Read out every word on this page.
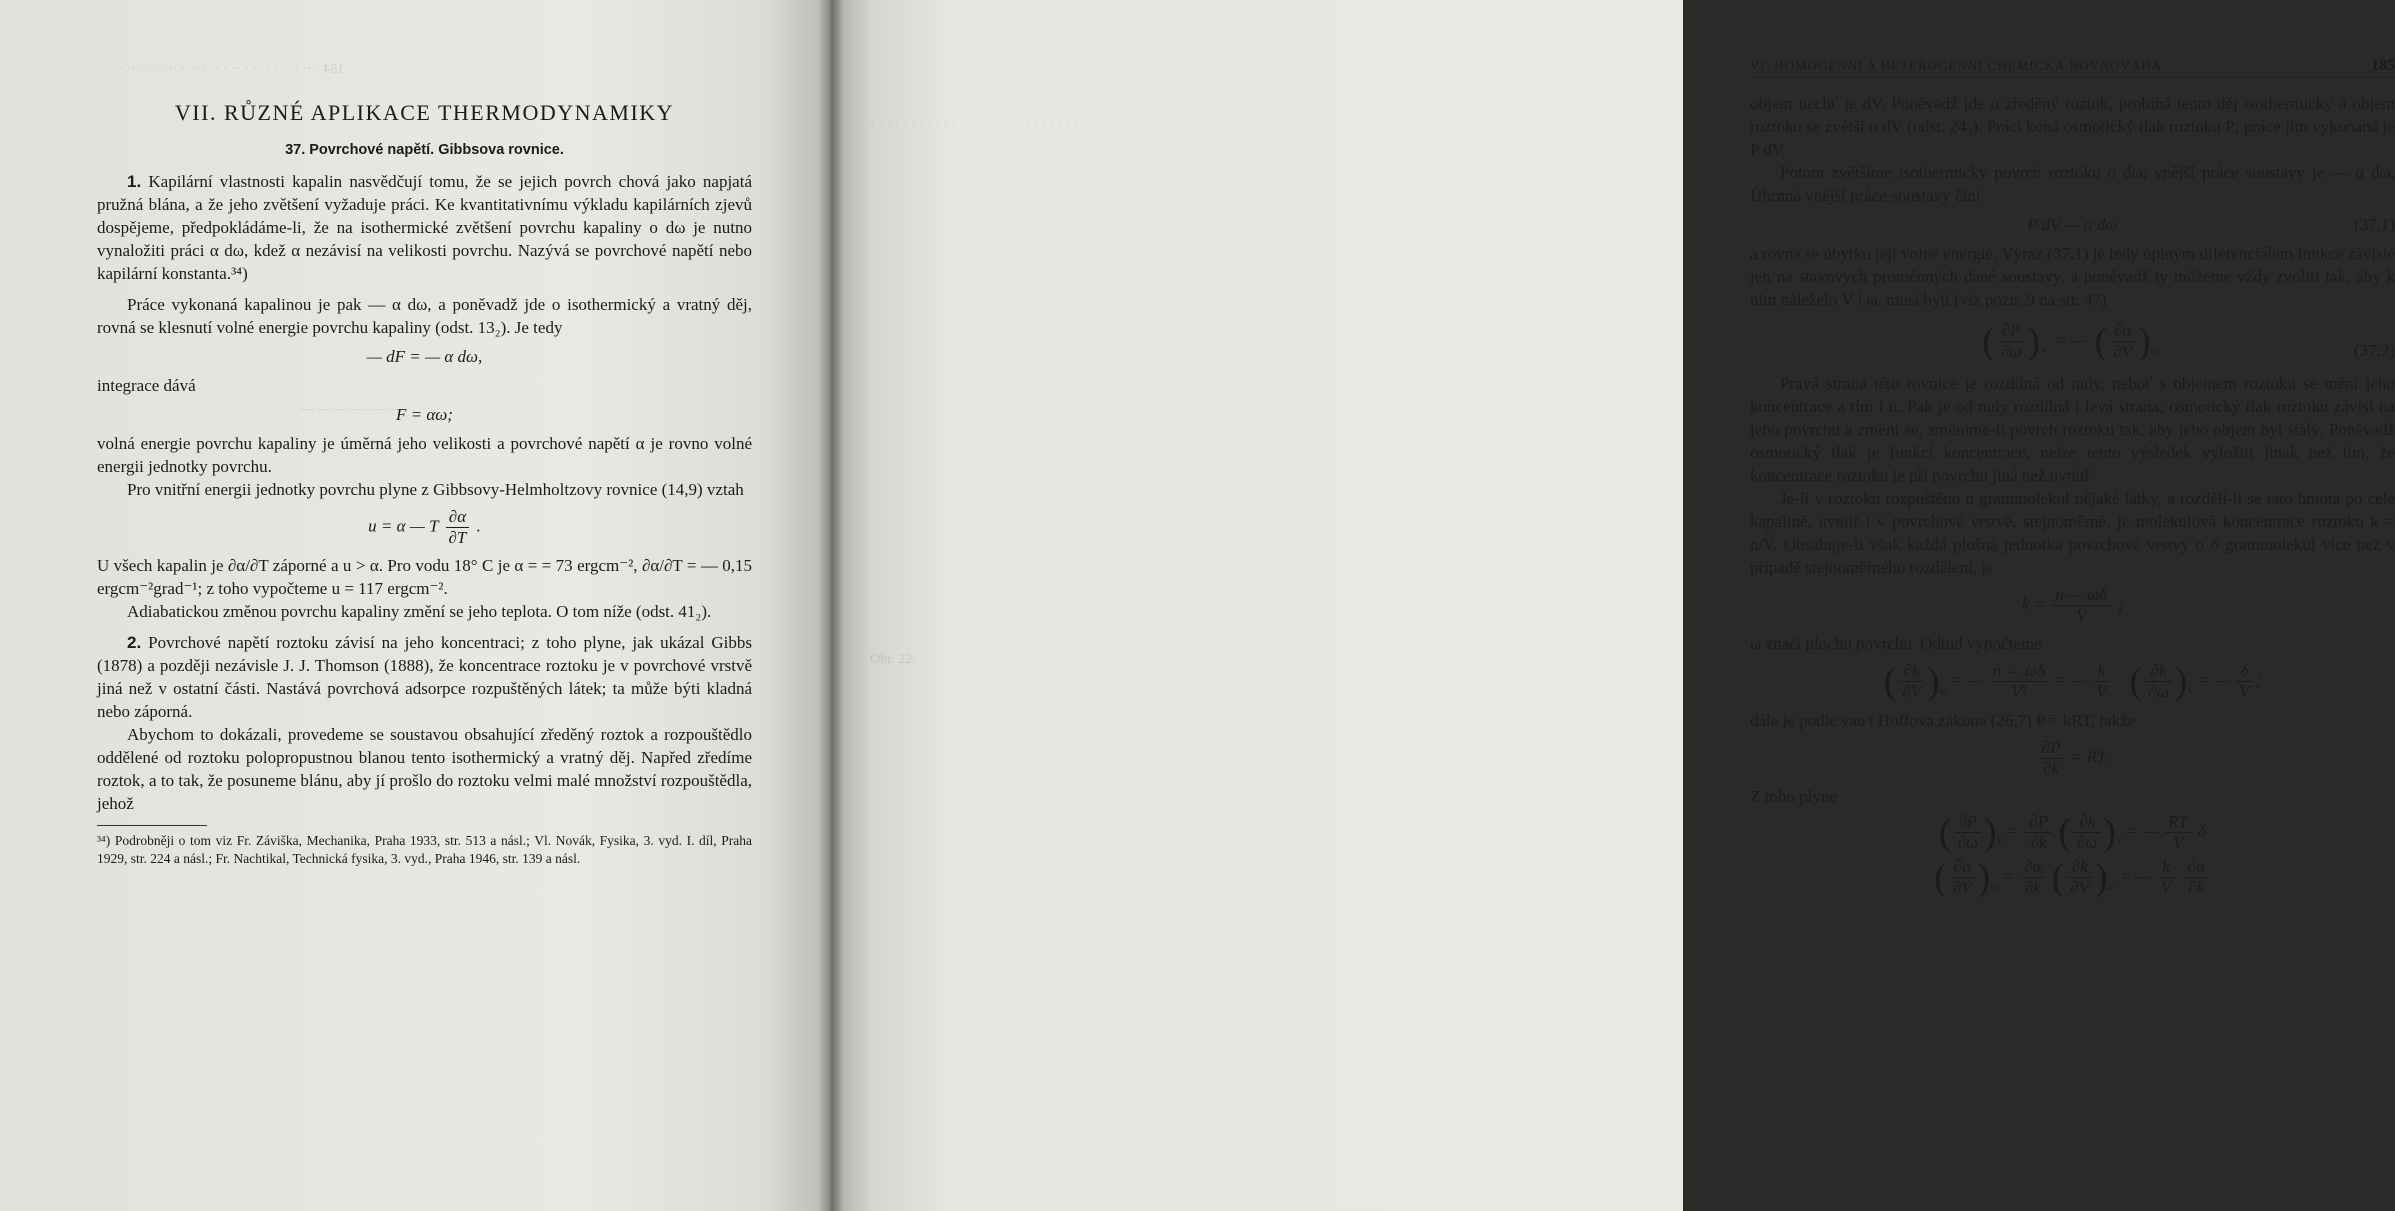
184 · ·· · ·· · · ·· · ·· · ·· · ·· · ·· · ·· · ·· · ·
— — — — — —
VII. RŮZNÉ APLIKACE THERMODYNAMIKY
37. Povrchové napětí. Gibbsova rovnice.

1. Kapilární vlastnosti kapalin nasvědčují tomu, že se jejich povrch chová jako napjatá pružná blána, a že jeho zvětšení vyžaduje práci. Ke kvantitativnímu výkladu kapilárních zjevů dospějeme, předpokládáme-li, že na isothermické zvětšení povrchu kapaliny o dω je nutno vynaložiti práci α dω, kdež α nezávisí na velikosti povrchu. Nazývá se povrchové napětí nebo kapilární konstanta.³⁴)

Práce vykonaná kapalinou je pak — α dω, a poněvadž jde o isothermický a vratný děj, rovná se klesnutí volné energie povrchu kapaliny (odst. 13₂). Je tedy

— dF = — α dω,

integrace dává

F = αω;

volná energie povrchu kapaliny je úměrná jeho velikosti a povrchové napětí α je rovno volné energii jednotky povrchu.

Pro vnitřní energii jednotky povrchu plyne z Gibbsovy-Helmholtzovy rovnice (14,9) vztah

u = α — T $\frac{\partial\alpha}{\partial T}$ .

U všech kapalin je ∂α/∂T záporné a u > α. Pro vodu 18° C je α = = 73 ergcm⁻², ∂α/∂T = — 0,15 ergcm⁻²grad⁻¹; z toho vypočteme u = 117 ergcm⁻².

Adiabatickou změnou povrchu kapaliny změní se jeho teplota. O tom níže (odst. 41₂).

2. Povrchové napětí roztoku závisí na jeho koncentraci; z toho plyne, jak ukázal Gibbs (1878) a později nezávisle J. J. Thomson (1888), že koncentrace roztoku je v povrchové vrstvě jiná než v ostatní části. Nastává povrchová adsorpce rozpuštěných látek; ta může býti kladná nebo záporná.

Abychom to dokázali, provedeme se soustavou obsahující zředěný roztok a rozpouštědlo oddělené od roztoku polopropustnou blanou tento isothermický a vratný děj. Napřed zředíme roztok, a to tak, že posuneme blánu, aby jí prošlo do roztoku velmi malé množství rozpouštědla, jehož

³⁴) Podrobněji o tom viz Fr. Záviška, Mechanika, Praha 1933, str. 513 a násl.; Vl. Novák, Fysika, 3. vyd. I. díl, Praha 1929, str. 224 a násl.; Fr. Nachtikal, Technická fysika, 3. vyd., Praha 1946, str. 139 a násl.

· · · · · · · · · · · · · · · · · · · · · · · · · ·
Obr. 22.
VI. HOMOGENNÍ A HETEROGENNÍ CHEMICKÁ ROVNOVÁHA	185

objem nechť je dV. Poněvadž jde o zředěný roztok, probíhá tento děj isothermicky a objem roztoku se zvětší o dV (odst. 24₃). Práci koná osmotický tlak roztoku P; práce jím vykonaná je P dV.

Potom zvětšíme isothermicky povrch roztoku o dω; vnější práce soustavy je — α dω. Úhrnná vnější práce soustavy činí

P dV — α dω	(37,1)

a rovná se úbytku její volné energie. Výraz (37,1) je tedy úplným diferenciálem funkce závislé jen na stavových proměnných dané soustavy, a poněvadž ty můžeme vždy zvoliti tak, aby k nim náleželo V i ω, musí býti (viz pozn. 9 na str. 47)

( $\frac{\partial P}{\partial\omega} )_V$  = —  ( $\frac{\partial\alpha}{\partial V} )_\omega$.
(37,2)

Pravá strana této rovnice je rozdílná od nuly, neboť s objemem roztoku se mění jeho koncentrace a tím i α. Pak je od nuly rozdílná i levá strana; osmotický tlak roztoku závisí na jeho povrchu a změní se, změníme-li povrch roztoku tak, aby jeho objem byl stálý. Poněvadž osmotický tlak je funkcí koncentrace, nelze tento výsledek vyložiti jinak než tím, že koncentrace roztoku je při povrchu jiná než uvnitř.

Je-li v roztoku rozpuštěno n grammolekul nějaké látky, a rozdělí-li se tato hmota po celé kapalině, uvnitř i v povrchové vrstvě, stejnoměrně, je molekulová koncentrace roztoku k = n/V. Obsahuje-li však každá plošná jednotka povrchové vrstvy o δ grammolekul více než v případě stejnoměrného rozdělení, je

$k = \frac{n — \omega\delta}{V}$ ;

ω značí plochu povrchu. Odtud vypočteme

( $\frac{\partial k}{\partial V} )_\omega$ = — $\frac{n — \omega\delta}{\text{V²}}$ = — $\frac{k}{V}$ ( $\frac{\partial k}{\partial\omega} )_V$ = — $\frac{\delta}{V}$ ;

dále je podle van't Hoffova zákona (26,7) P = kRT, takže

$\frac{\partial P}{\partial k}$ = RT.

Z toho plyne

( $\frac{\partial P}{\partial\omega} )_V = \frac{\partial P}{\partial k}$ ( $\frac{\partial k}{\partial\omega} )_V$ = — $\frac{RT}{V}$ δ
( $\frac{\partial\alpha}{\partial V} )_\omega = \frac{\partial\alpha}{\partial k}$ ( $\frac{\partial k}{\partial V} )_\omega$ = — $\frac{k}{V}$
$\frac{\partial\alpha}{\partial k}$
